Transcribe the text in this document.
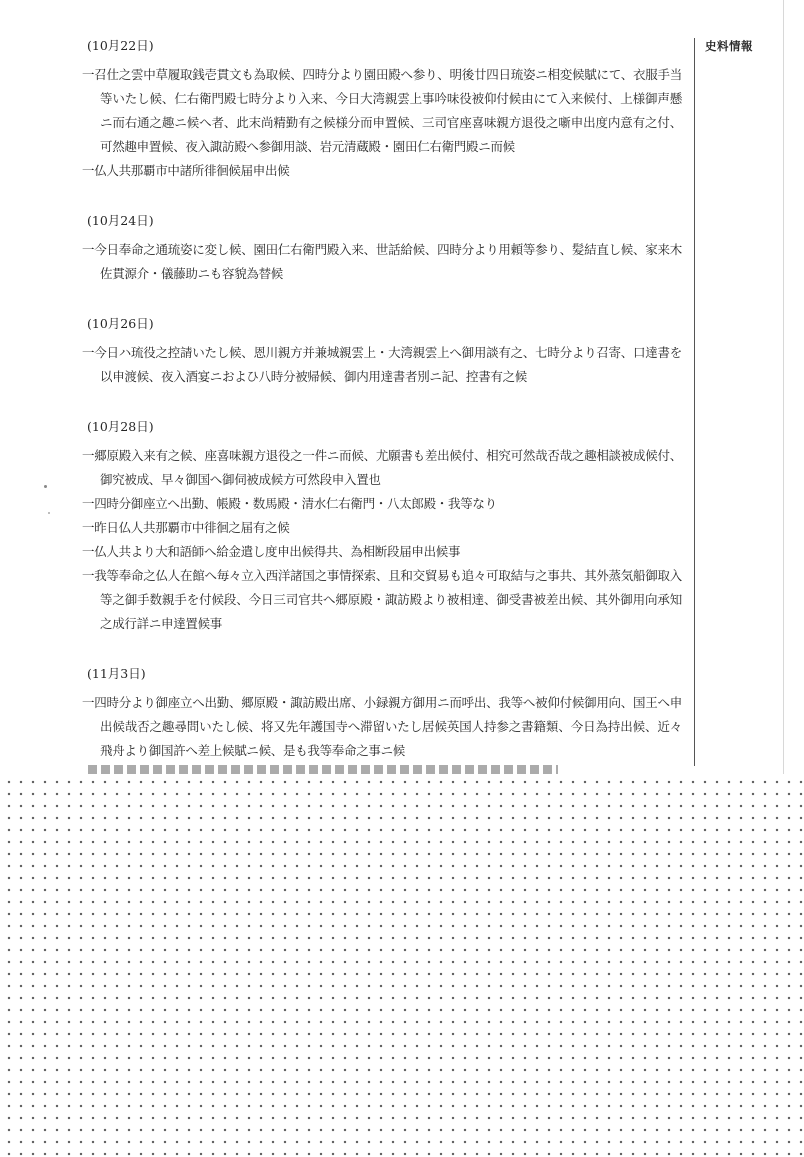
史料情報
(10月22日)
一召仕之雲中草履取銭壱貫文も為取候、四時分より園田殿へ参り、明後廿四日琉姿ニ相変候賦にて、衣服手当等いたし候、仁右衛門殿七時分より入来、今日大湾親雲上事吟味役被仰付候由にて入来候付、上様御声懸ニ而右通之趣ニ候へ者、此末尚精勤有之候様分而申置候、三司官座喜味親方退役之噺申出度内意有之付、可然趣申置候、夜入諏訪殿へ参御用談、岩元清蔵殿・園田仁右衛門殿ニ而候
一仏人共那覇市中諸所徘徊候届申出候
(10月24日)
一今日奉命之通琉姿に変し候、園田仁右衛門殿入来、世話給候、四時分より用頼等参り、髪結直し候、家来木佐貫源介・儀藤助ニも容貌為替候
(10月26日)
一今日ハ琉役之控請いたし候、恩川親方并兼城親雲上・大湾親雲上へ御用談有之、七時分より召寄、口達書を以申渡候、夜入酒宴ニおよひ八時分被帰候、御内用達書者別ニ記、控書有之候
(10月28日)
一郷原殿入来有之候、座喜味親方退役之一件ニ而候、尤願書も差出候付、相究可然哉否哉之趣相談被成候付、御究被成、早々御国へ御伺被成候方可然段申入置也
一四時分御座立へ出勤、帳殿・数馬殿・清水仁右衛門・八太郎殿・我等なり
一昨日仏人共那覇市中徘徊之届有之候
一仏人共より大和語師へ給金遣し度申出候得共、為相断段届申出候事
一我等奉命之仏人在館へ毎々立入西洋諸国之事情探索、且和交貿易も追々可取結与之事共、其外蒸気船御取入等之御手数親手を付候段、今日三司官共へ郷原殿・諏訪殿より被相達、御受書被差出候、其外御用向承知之成行詳ニ申達置候事
(11月3日)
一四時分より御座立へ出勤、郷原殿・諏訪殿出席、小録親方御用ニ而呼出、我等へ被仰付候御用向、国王へ申出候哉否之趣尋問いたし候、将又先年護国寺へ滞留いたし居候英国人持参之書籍類、今日為持出候、近々飛舟より御国許へ差上候賦ニ候、是も我等奉命之事ニ候
